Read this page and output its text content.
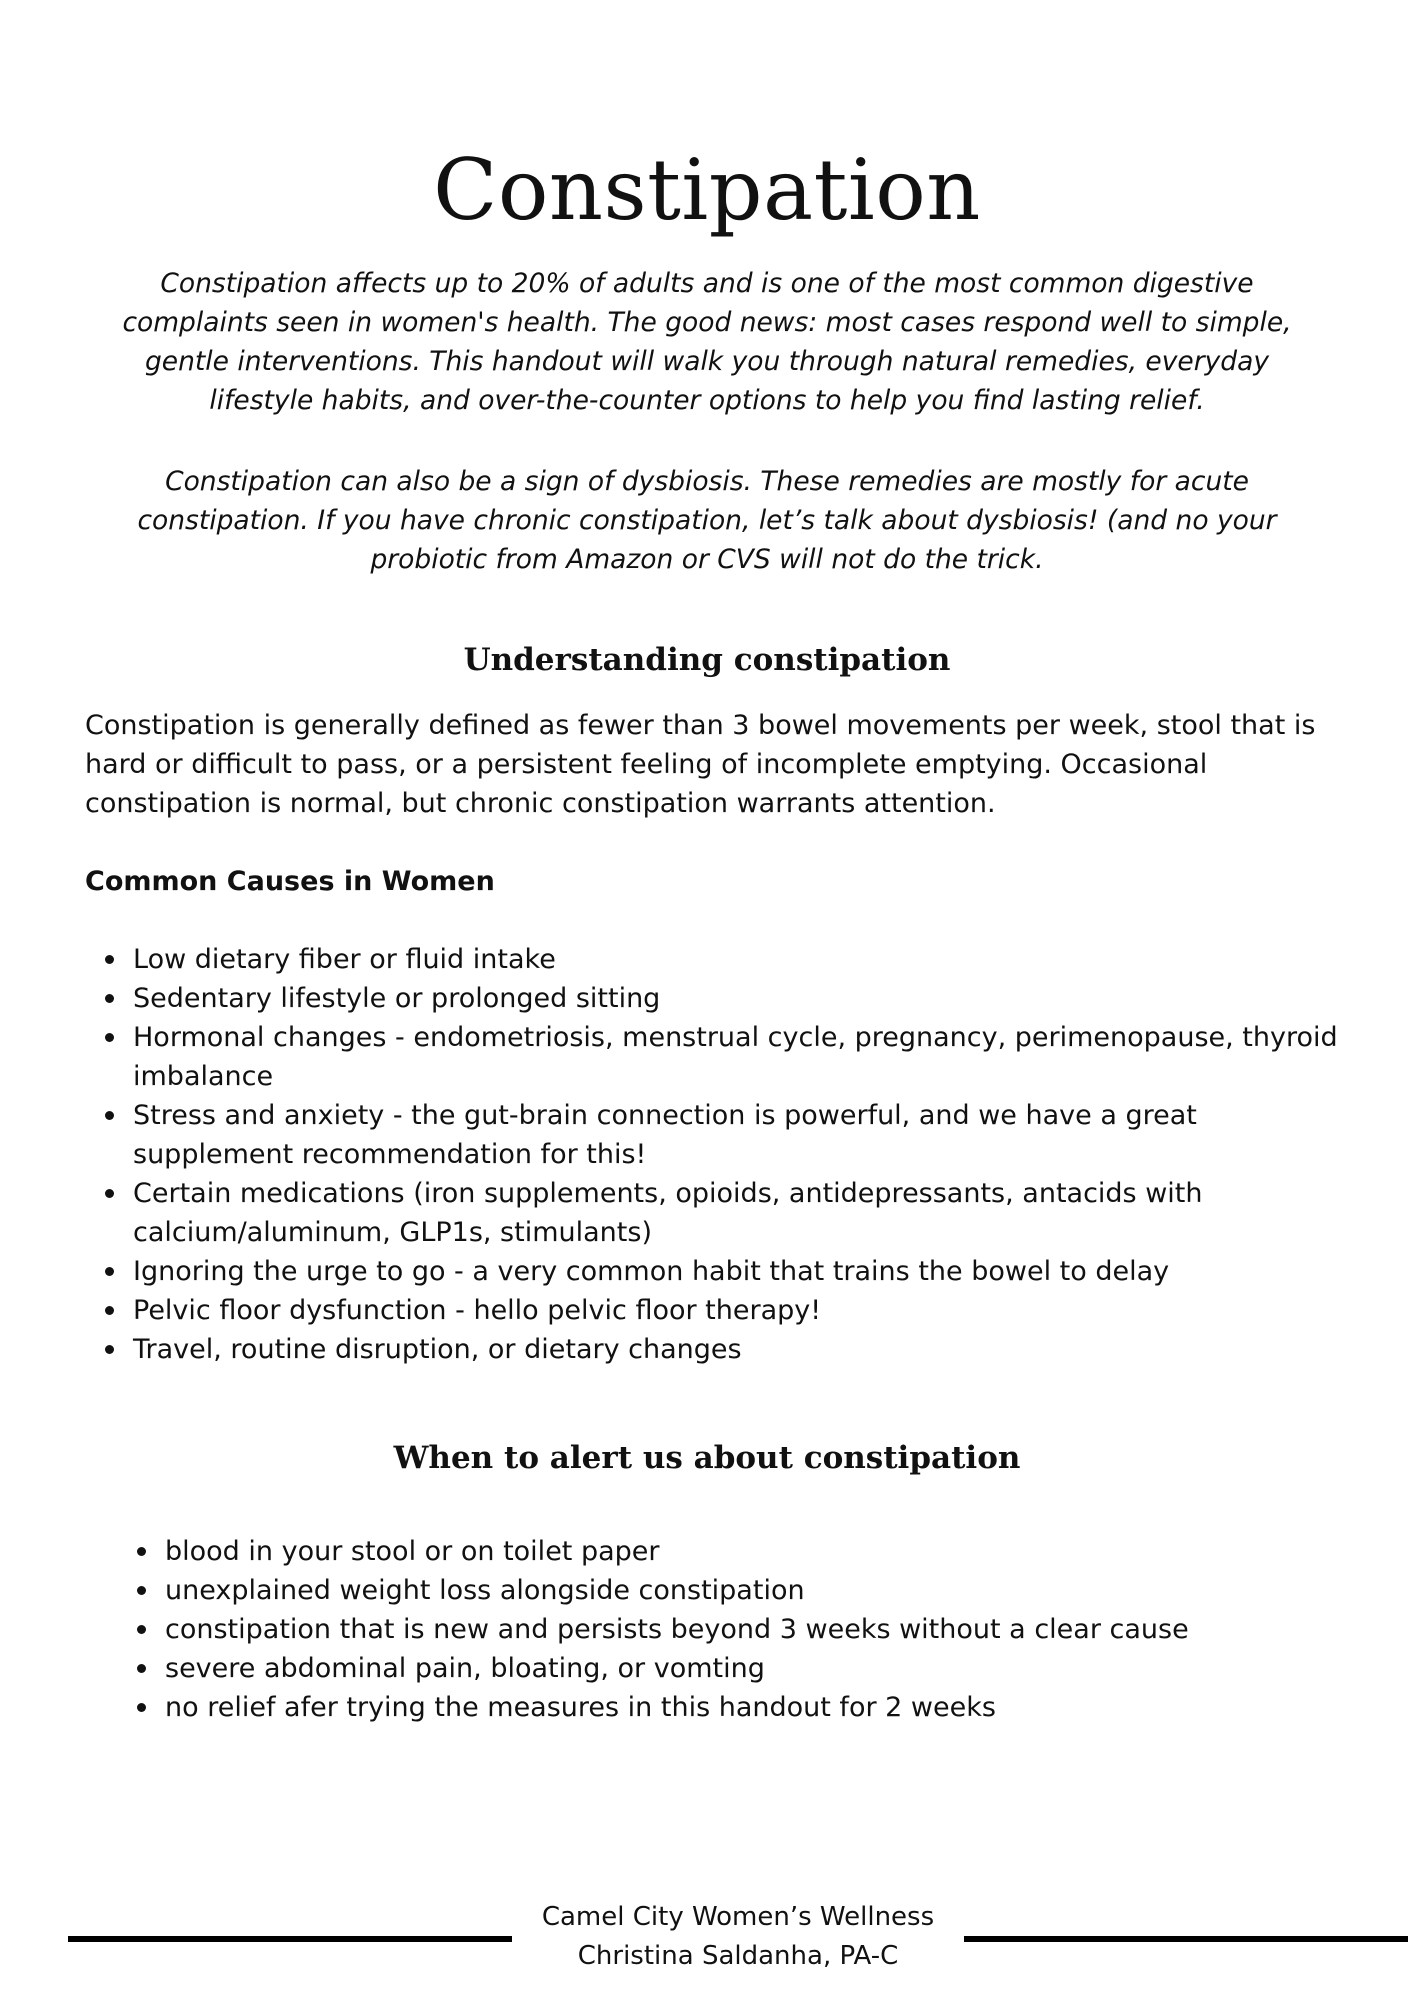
Constipation

Constipation affects up to 20% of adults and is one of the most common digestive complaints seen in women's health. The good news: most cases respond well to simple, gentle interventions. This handout will walk you through natural remedies, everyday lifestyle habits, and over-the-counter options to help you find lasting relief.

Constipation can also be a sign of dysbiosis. These remedies are mostly for acute constipation. If you have chronic constipation, let’s talk about dysbiosis! (and no your probiotic from Amazon or CVS will not do the trick.

Understanding constipation

Constipation is generally defined as fewer than 3 bowel movements per week, stool that is hard or difficult to pass, or a persistent feeling of incomplete emptying. Occasional constipation is normal, but chronic constipation warrants attention.

Common Causes in Women

Low dietary fiber or fluid intake
Sedentary lifestyle or prolonged sitting
Hormonal changes - endometriosis, menstrual cycle, pregnancy, perimenopause, thyroid imbalance
Stress and anxiety - the gut-brain connection is powerful, and we have a great supplement recommendation for this!
Certain medications (iron supplements, opioids, antidepressants, antacids with calcium/aluminum, GLP1s, stimulants)
Ignoring the urge to go - a very common habit that trains the bowel to delay
Pelvic floor dysfunction - hello pelvic floor therapy!
Travel, routine disruption, or dietary changes
When to alert us about constipation
blood in your stool or on toilet paper
unexplained weight loss alongside constipation
constipation that is new and persists beyond 3 weeks without a clear cause
severe abdominal pain, bloating, or vomting
no relief afer trying the measures in this handout for 2 weeks
Camel City Women’s Wellness
Christina Saldanha, PA-C
